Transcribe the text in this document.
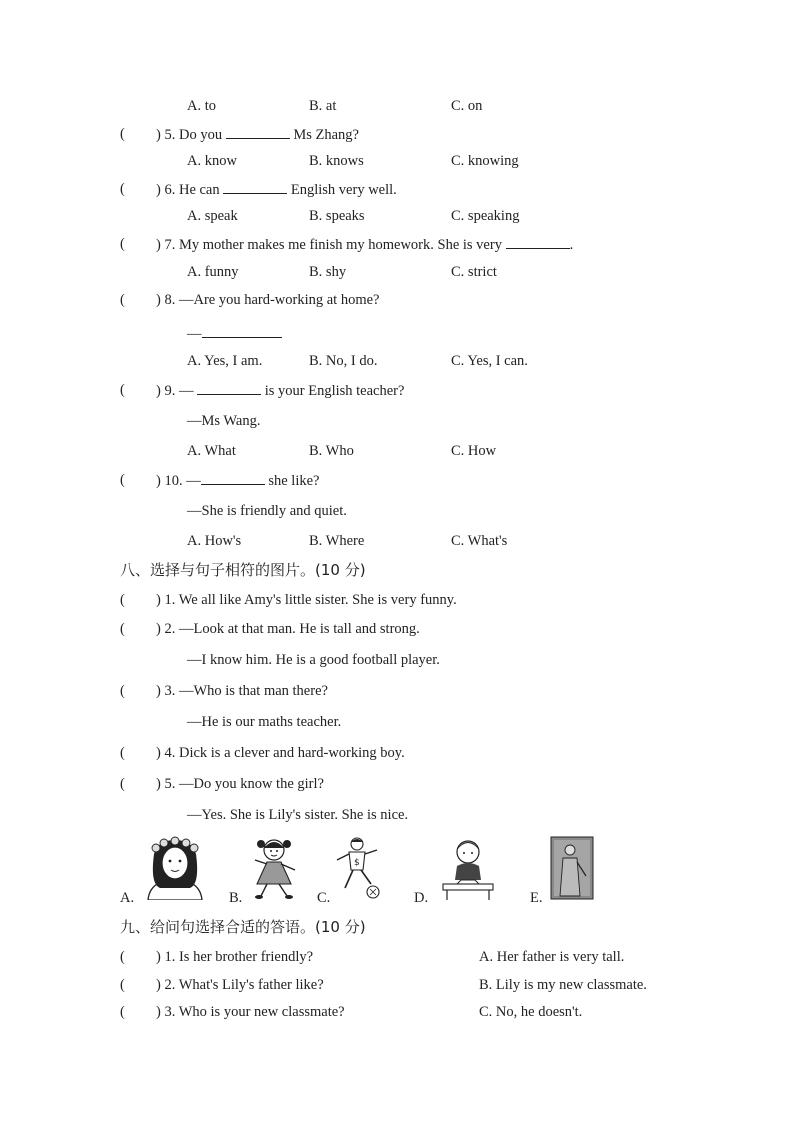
A. to	B. at	C. on
( ) 5. Do you	Ms Zhang?
A. know	B. knows	C. knowing
( ) 6. He can	English very well.
A. speak	B. speaks	C. speaking
( ) 7. My mother makes me finish my homework. She is very	.
A. funny	B. shy	C. strict
( ) 8. —Are you hard-working at home?
—
A. Yes, I am.	B. No, I do.	C. Yes, I can.
( ) 9. —	is your English teacher?
—Ms Wang.
A. What	B. Who	C. How
( ) 10. —	she like?
—She is friendly and quiet.
A. How's	B. Where	C. What's
八、选择与句子相符的图片。(10 分)
( ) 1. We all like Amy's little sister. She is very funny.
( ) 2. —Look at that man. He is tall and strong.
—I know him. He is a good football player.
( ) 3. —Who is that man there?
—He is our maths teacher.
( ) 4. Dick is a clever and hard-working boy.
( ) 5. —Do you know the girl?
—Yes. She is Lily's sister. She is nice.
A.	B.	C.
$
D.	E.
九、给问句选择合适的答语。(10 分)
( ) 1. Is her brother friendly?	A. Her father is very tall.
( ) 2. What's Lily's father like?	B. Lily is my new classmate.
( ) 3. Who is your new classmate?	C. No, he doesn't.
